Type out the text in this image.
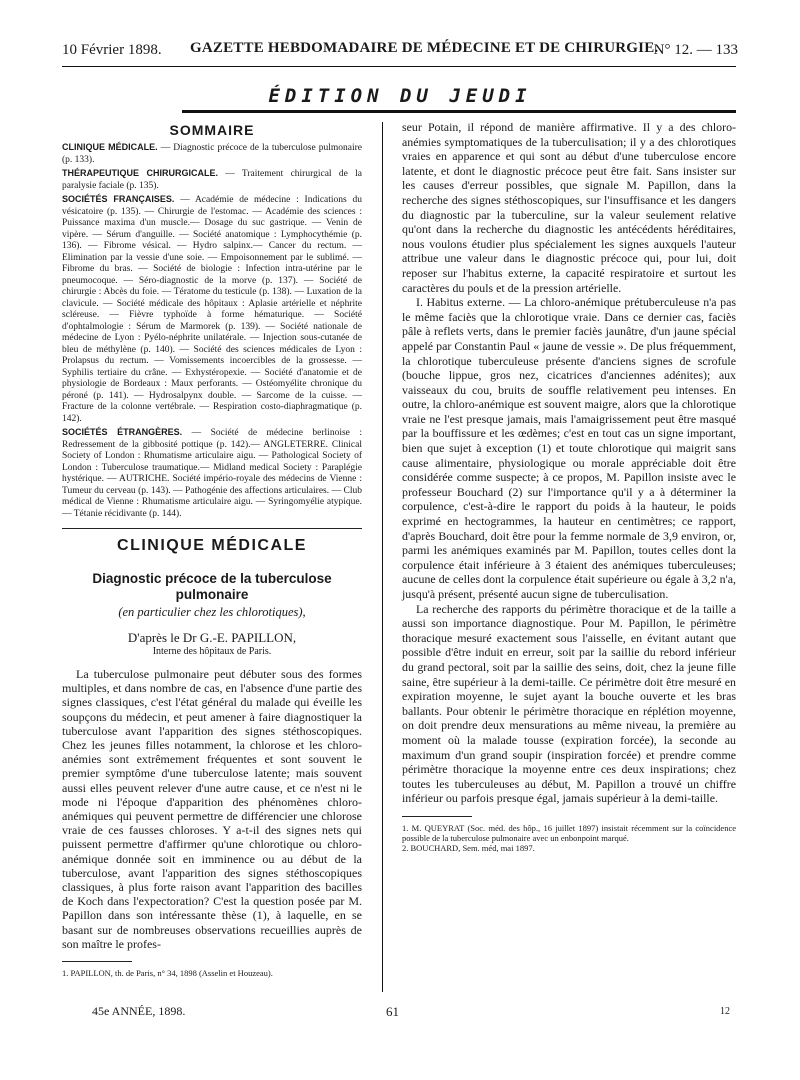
10 Février 1898. GAZETTE HEBDOMADAIRE DE MÉDECINE ET DE CHIRURGIE.
N° 12. — 133
ÉDITION DU JEUDI
SOMMAIRE

CLINIQUE MÉDICALE. — Diagnostic précoce de la tuberculose pulmonaire (p. 133).

THÉRAPEUTIQUE CHIRURGICALE. — Traitement chirurgical de la paralysie faciale (p. 135).

SOCIÉTÉS FRANÇAISES. — Académie de médecine : Indications du vésicatoire (p. 135). — Chirurgie de l'estomac. — Académie des sciences : Puissance maxima d'un muscle.— Dosage du suc gastrique. — Venin de vipère. — Sérum d'anguille. — Société anatomique : Lymphocythémie (p. 136). — Fibrome vésical. — Hydro salpinx.— Cancer du rectum. — Elimination par la vessie d'une soie. — Empoisonnement par le sublimé. — Fibrome du bras. — Société de biologie : Infection intra-utérine par le pneumocoque. — Séro-diagnostic de la morve (p. 137). — Société de chirurgie : Abcès du foie. — Tératome du testicule (p. 138). — Luxation de la clavicule. — Société médicale des hôpitaux : Aplasie artérielle et néphrite scléreuse. — Fièvre typhoïde à forme hématurique. — Société d'ophtalmologie : Sérum de Marmorek (p. 139). — Société nationale de médecine de Lyon : Pyélo-néphrite unilatérale. — Injection sous-cutanée de bleu de méthylène (p. 140). — Société des sciences médicales de Lyon : Prolapsus du rectum. — Vomissements incoercibles de la grossesse. — Syphilis tertiaire du crâne. — Exhystéropexie. — Société d'anatomie et de physiologie de Bordeaux : Maux perforants. — Ostéomyélite chronique du péroné (p. 141). — Hydrosalpynx double. — Sarcome de la cuisse. — Fracture de la colonne vertébrale. — Respiration costo-diaphragmatique (p. 142).

SOCIÉTÉS ÉTRANGÈRES. — Société de médecine berlinoise : Redressement de la gibbosité pottique (p. 142).— ANGLETERRE. Clinical Society of London : Rhumatisme articulaire aigu. — Pathological Society of London : Tuberculose traumatique.— Midland medical Society : Paraplégie hystérique. — AUTRICHE. Société império-royale des médecins de Vienne : Tumeur du cerveau (p. 143). — Pathogénie des affections articulaires. — Club médical de Vienne : Rhumatisme articulaire aigu. — Syringomyélie atypique. — Tétanie récidivante (p. 144).

CLINIQUE MÉDICALE
Diagnostic précoce de la tuberculose pulmonaire
(en particulier chez les chlorotiques),

D'après le Dr G.-E. PAPILLON,

Interne des hôpitaux de Paris.

La tuberculose pulmonaire peut débuter sous des formes multiples, et dans nombre de cas, en l'absence d'une partie des signes classiques, c'est l'état général du malade qui éveille les soupçons du médecin, et peut amener à faire diagnostiquer la tuberculose avant l'apparition des signes stéthoscopiques. Chez les jeunes filles notamment, la chlorose et les chloro-anémies sont extrêmement fréquentes et sont souvent le premier symptôme d'une tuberculose latente; mais souvent aussi elles peuvent relever d'une autre cause, et ce n'est ni le mode ni l'époque d'apparition des phénomènes chloro-anémiques qui peuvent permettre de différencier une chlorose vraie de ces fausses chloroses. Y a-t-il des signes nets qui puissent permettre d'affirmer qu'une chlorotique ou chloro-anémique donnée soit en imminence ou au début de la tuberculose, avant l'apparition des signes stéthoscopiques classiques, à plus forte raison avant l'apparition des bacilles de Koch dans l'expectoration? C'est la question posée par M. Papillon dans son intéressante thèse (1), à laquelle, en se basant sur de nombreuses observations recueillies auprès de son maître le profes-

1. PAPILLON, th. de Paris, n° 34, 1898 (Asselin et Houzeau).

seur Potain, il répond de manière affirmative. Il y a des chloro-anémies symptomatiques de la tuberculisation; il y a des chlorotiques vraies en apparence et qui sont au début d'une tuberculose encore latente, et dont le diagnostic précoce peut être fait. Sans insister sur les causes d'erreur possibles, que signale M. Papillon, dans la recherche des signes stéthoscopiques, sur l'insuffisance et les dangers du diagnostic par la tuberculine, sur la valeur seulement relative qu'ont dans la recherche du diagnostic les antécédents héréditaires, nous voulons étudier plus spécialement les signes auxquels l'auteur attribue une valeur dans le diagnostic précoce qui, pour lui, doit reposer sur l'habitus externe, la capacité respiratoire et surtout les caractères du pouls et de la pression artérielle.

I. Habitus externe. — La chloro-anémique prétuberculeuse n'a pas le même faciès que la chlorotique vraie. Dans ce dernier cas, faciès pâle à reflets verts, dans le premier faciès jaunâtre, d'un jaune spécial appelé par Constantin Paul « jaune de vessie ». De plus fréquemment, la chlorotique tuberculeuse présente d'anciens signes de scrofule (bouche lippue, gros nez, cicatrices d'anciennes adénites); aux vaisseaux du cou, bruits de souffle relativement peu intenses. En outre, la chloro-anémique est souvent maigre, alors que la chlorotique vraie ne l'est presque jamais, mais l'amaigrissement peut être masqué par la bouffissure et les œdèmes; c'est en tout cas un signe important, bien que sujet à exception (1) et toute chlorotique qui maigrit sans cause alimentaire, physiologique ou morale appréciable doit être considérée comme suspecte; à ce propos, M. Papillon insiste avec le professeur Bouchard (2) sur l'importance qu'il y a à déterminer la corpulence, c'est-à-dire le rapport du poids à la hauteur, le poids exprimé en hectogrammes, la hauteur en centimètres; ce rapport, d'après Bouchard, doit être pour la femme normale de 3,9 environ, or, parmi les anémiques examinés par M. Papillon, toutes celles dont la corpulence était inférieure à 3 étaient des anémiques tuberculeuses; aucune de celles dont la corpulence était supérieure ou égale à 3,2 n'a, jusqu'à présent, présenté aucun signe de tuberculisation.

La recherche des rapports du périmètre thoracique et de la taille a aussi son importance diagnostique. Pour M. Papillon, le périmètre thoracique mesuré exactement sous l'aisselle, en évitant autant que possible d'être induit en erreur, soit par la saillie du rebord inférieur du grand pectoral, soit par la saillie des seins, doit, chez la jeune fille saine, être supérieur à la demi-taille. Ce périmètre doit être mesuré en expiration moyenne, le sujet ayant la bouche ouverte et les bras ballants. Pour obtenir le périmètre thoracique en réplétion moyenne, on doit prendre deux mensurations au même niveau, la première au moment où la malade tousse (expiration forcée), la seconde au maximum d'un grand soupir (inspiration forcée) et prendre comme périmètre thoracique la moyenne entre ces deux inspirations; chez toutes les tuberculeuses au début, M. Papillon a trouvé un chiffre inférieur ou parfois presque égal, jamais supérieur à la demi-taille.

1. M. QUEYRAT (Soc. méd. des hôp., 16 juillet 1897) insistait récemment sur la coïncidence possible de la tuberculose pulmonaire avec un enbonpoint marqué.

2. BOUCHARD, Sem. méd, mai 1897.

45e ANNÉE, 1898.	61	12
